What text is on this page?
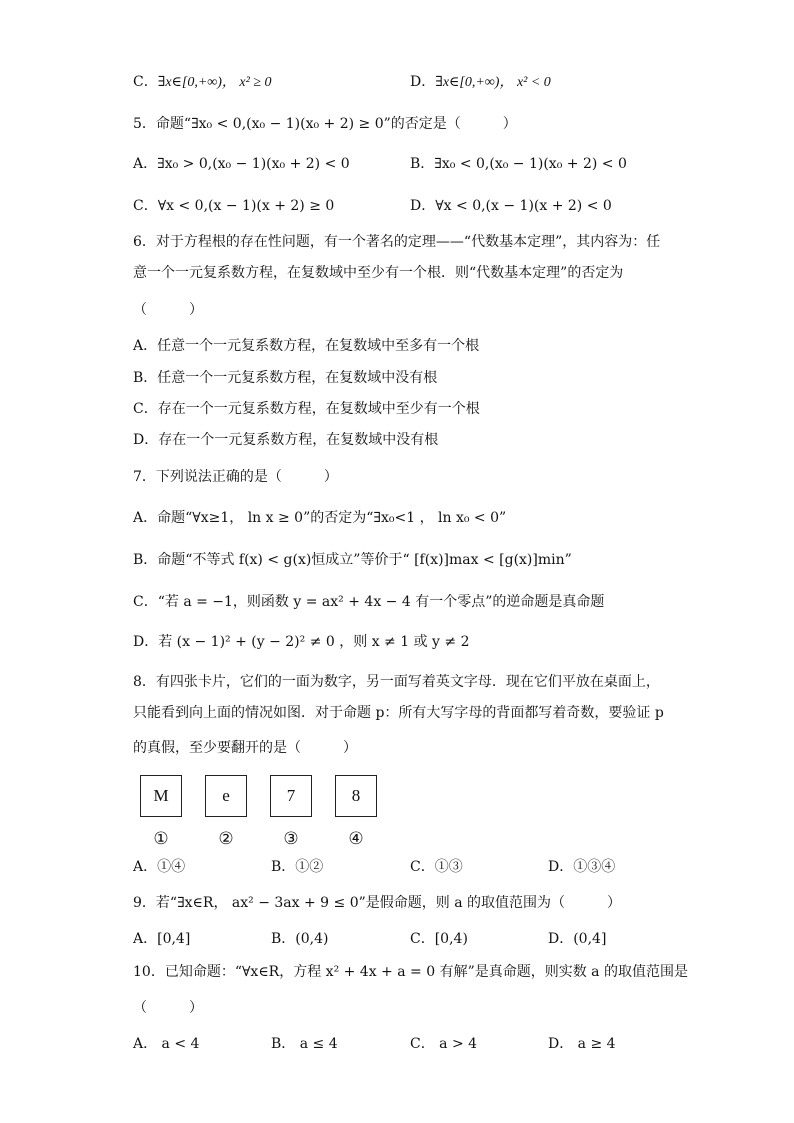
C．∃x∈[0,+∞)， x² ≥ 0	D．∃x∈[0,+∞)， x² < 0
5．命题“∃x₀ < 0,(x₀ − 1)(x₀ + 2) ≥ 0”的否定是（　　　）
A．∃x₀ > 0,(x₀ − 1)(x₀ + 2) < 0	B．∃x₀ < 0,(x₀ − 1)(x₀ + 2) < 0
C．∀x < 0,(x − 1)(x + 2) ≥ 0	D．∀x < 0,(x − 1)(x + 2) < 0
6．对于方程根的存在性问题，有一个著名的定理——“代数基本定理”，其内容为：任
意一个一元复系数方程，在复数域中至少有一个根．则“代数基本定理”的否定为
（　　　）
A．任意一个一元复系数方程，在复数域中至多有一个根
B．任意一个一元复系数方程，在复数域中没有根
C．存在一个一元复系数方程，在复数域中至少有一个根
D．存在一个一元复系数方程，在复数域中没有根
7．下列说法正确的是（　　　）
A．命题“∀x≥1， ln x ≥ 0”的否定为“∃x₀<1 ， ln x₀ < 0”
B．命题“不等式 f(x) < g(x)恒成立”等价于“ [f(x)]max < [g(x)]min”
C．“若 a = −1，则函数 y = ax² + 4x − 4 有一个零点”的逆命题是真命题
D．若 (x − 1)² + (y − 2)² ≠ 0 ，则 x ≠ 1 或 y ≠ 2
8．有四张卡片，它们的一面为数字，另一面写着英文字母．现在它们平放在桌面上，
只能看到向上面的情况如图．对于命题 p：所有大写字母的背面都写着奇数，要验证 p
的真假，至少要翻开的是（　　　）
M	e	7	8
①	②	③	④
A．①④	B．①②	C．①③	D．①③④
9．若“∃x∈R， ax² − 3ax + 9 ≤ 0”是假命题，则 a 的取值范围为（　　　）
A．[0,4]	B．(0,4)	C．[0,4)	D．(0,4]
10．已知命题：“∀x∈R，方程 x² + 4x + a = 0 有解”是真命题，则实数 a 的取值范围是
（　　　）
A． a < 4	B． a ≤ 4	C． a > 4	D． a ≥ 4
